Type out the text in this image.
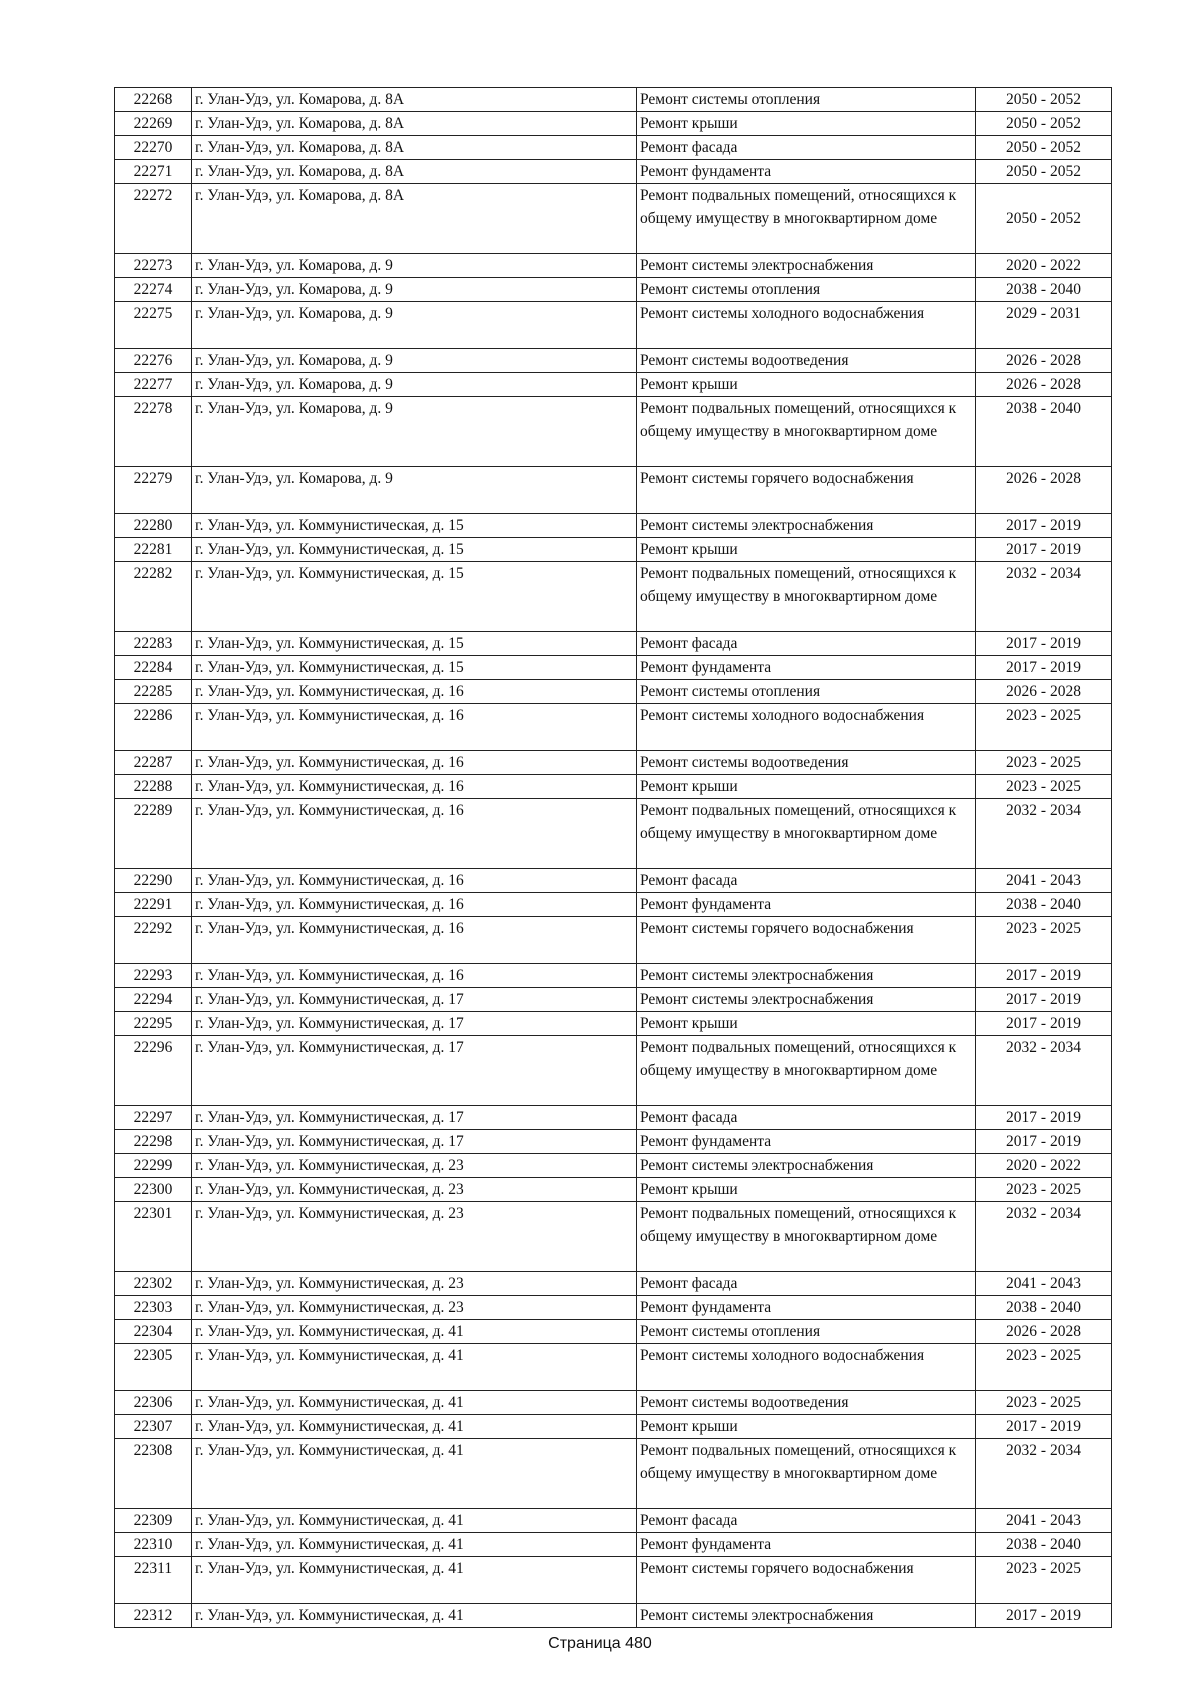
22268	г. Улан-Удэ, ул. Комарова, д. 8А	Ремонт системы отопления	2050 - 2052
22269	г. Улан-Удэ, ул. Комарова, д. 8А	Ремонт крыши	2050 - 2052
22270	г. Улан-Удэ, ул. Комарова, д. 8А	Ремонт фасада	2050 - 2052
22271	г. Улан-Удэ, ул. Комарова, д. 8А	Ремонт фундамента	2050 - 2052
22272	г. Улан-Удэ, ул. Комарова, д. 8А	Ремонт подвальных помещений, относящихся к общему имуществу в многоквартирном доме	2050 - 2052
22273	г. Улан-Удэ, ул. Комарова, д. 9	Ремонт системы электроснабжения	2020 - 2022
22274	г. Улан-Удэ, ул. Комарова, д. 9	Ремонт системы отопления	2038 - 2040
22275	г. Улан-Удэ, ул. Комарова, д. 9	Ремонт системы холодного водоснабжения	2029 - 2031
22276	г. Улан-Удэ, ул. Комарова, д. 9	Ремонт системы водоотведения	2026 - 2028
22277	г. Улан-Удэ, ул. Комарова, д. 9	Ремонт крыши	2026 - 2028
22278	г. Улан-Удэ, ул. Комарова, д. 9	Ремонт подвальных помещений, относящихся к общему имуществу в многоквартирном доме	2038 - 2040
22279	г. Улан-Удэ, ул. Комарова, д. 9	Ремонт системы горячего водоснабжения	2026 - 2028
22280	г. Улан-Удэ, ул. Коммунистическая, д. 15	Ремонт системы электроснабжения	2017 - 2019
22281	г. Улан-Удэ, ул. Коммунистическая, д. 15	Ремонт крыши	2017 - 2019
22282	г. Улан-Удэ, ул. Коммунистическая, д. 15	Ремонт подвальных помещений, относящихся к общему имуществу в многоквартирном доме	2032 - 2034
22283	г. Улан-Удэ, ул. Коммунистическая, д. 15	Ремонт фасада	2017 - 2019
22284	г. Улан-Удэ, ул. Коммунистическая, д. 15	Ремонт фундамента	2017 - 2019
22285	г. Улан-Удэ, ул. Коммунистическая, д. 16	Ремонт системы отопления	2026 - 2028
22286	г. Улан-Удэ, ул. Коммунистическая, д. 16	Ремонт системы холодного водоснабжения	2023 - 2025
22287	г. Улан-Удэ, ул. Коммунистическая, д. 16	Ремонт системы водоотведения	2023 - 2025
22288	г. Улан-Удэ, ул. Коммунистическая, д. 16	Ремонт крыши	2023 - 2025
22289	г. Улан-Удэ, ул. Коммунистическая, д. 16	Ремонт подвальных помещений, относящихся к общему имуществу в многоквартирном доме	2032 - 2034
22290	г. Улан-Удэ, ул. Коммунистическая, д. 16	Ремонт фасада	2041 - 2043
22291	г. Улан-Удэ, ул. Коммунистическая, д. 16	Ремонт фундамента	2038 - 2040
22292	г. Улан-Удэ, ул. Коммунистическая, д. 16	Ремонт системы горячего водоснабжения	2023 - 2025
22293	г. Улан-Удэ, ул. Коммунистическая, д. 16	Ремонт системы электроснабжения	2017 - 2019
22294	г. Улан-Удэ, ул. Коммунистическая, д. 17	Ремонт системы электроснабжения	2017 - 2019
22295	г. Улан-Удэ, ул. Коммунистическая, д. 17	Ремонт крыши	2017 - 2019
22296	г. Улан-Удэ, ул. Коммунистическая, д. 17	Ремонт подвальных помещений, относящихся к общему имуществу в многоквартирном доме	2032 - 2034
22297	г. Улан-Удэ, ул. Коммунистическая, д. 17	Ремонт фасада	2017 - 2019
22298	г. Улан-Удэ, ул. Коммунистическая, д. 17	Ремонт фундамента	2017 - 2019
22299	г. Улан-Удэ, ул. Коммунистическая, д. 23	Ремонт системы электроснабжения	2020 - 2022
22300	г. Улан-Удэ, ул. Коммунистическая, д. 23	Ремонт крыши	2023 - 2025
22301	г. Улан-Удэ, ул. Коммунистическая, д. 23	Ремонт подвальных помещений, относящихся к общему имуществу в многоквартирном доме	2032 - 2034
22302	г. Улан-Удэ, ул. Коммунистическая, д. 23	Ремонт фасада	2041 - 2043
22303	г. Улан-Удэ, ул. Коммунистическая, д. 23	Ремонт фундамента	2038 - 2040
22304	г. Улан-Удэ, ул. Коммунистическая, д. 41	Ремонт системы отопления	2026 - 2028
22305	г. Улан-Удэ, ул. Коммунистическая, д. 41	Ремонт системы холодного водоснабжения	2023 - 2025
22306	г. Улан-Удэ, ул. Коммунистическая, д. 41	Ремонт системы водоотведения	2023 - 2025
22307	г. Улан-Удэ, ул. Коммунистическая, д. 41	Ремонт крыши	2017 - 2019
22308	г. Улан-Удэ, ул. Коммунистическая, д. 41	Ремонт подвальных помещений, относящихся к общему имуществу в многоквартирном доме	2032 - 2034
22309	г. Улан-Удэ, ул. Коммунистическая, д. 41	Ремонт фасада	2041 - 2043
22310	г. Улан-Удэ, ул. Коммунистическая, д. 41	Ремонт фундамента	2038 - 2040
22311	г. Улан-Удэ, ул. Коммунистическая, д. 41	Ремонт системы горячего водоснабжения	2023 - 2025
22312	г. Улан-Удэ, ул. Коммунистическая, д. 41	Ремонт системы электроснабжения	2017 - 2019
Страница 480
